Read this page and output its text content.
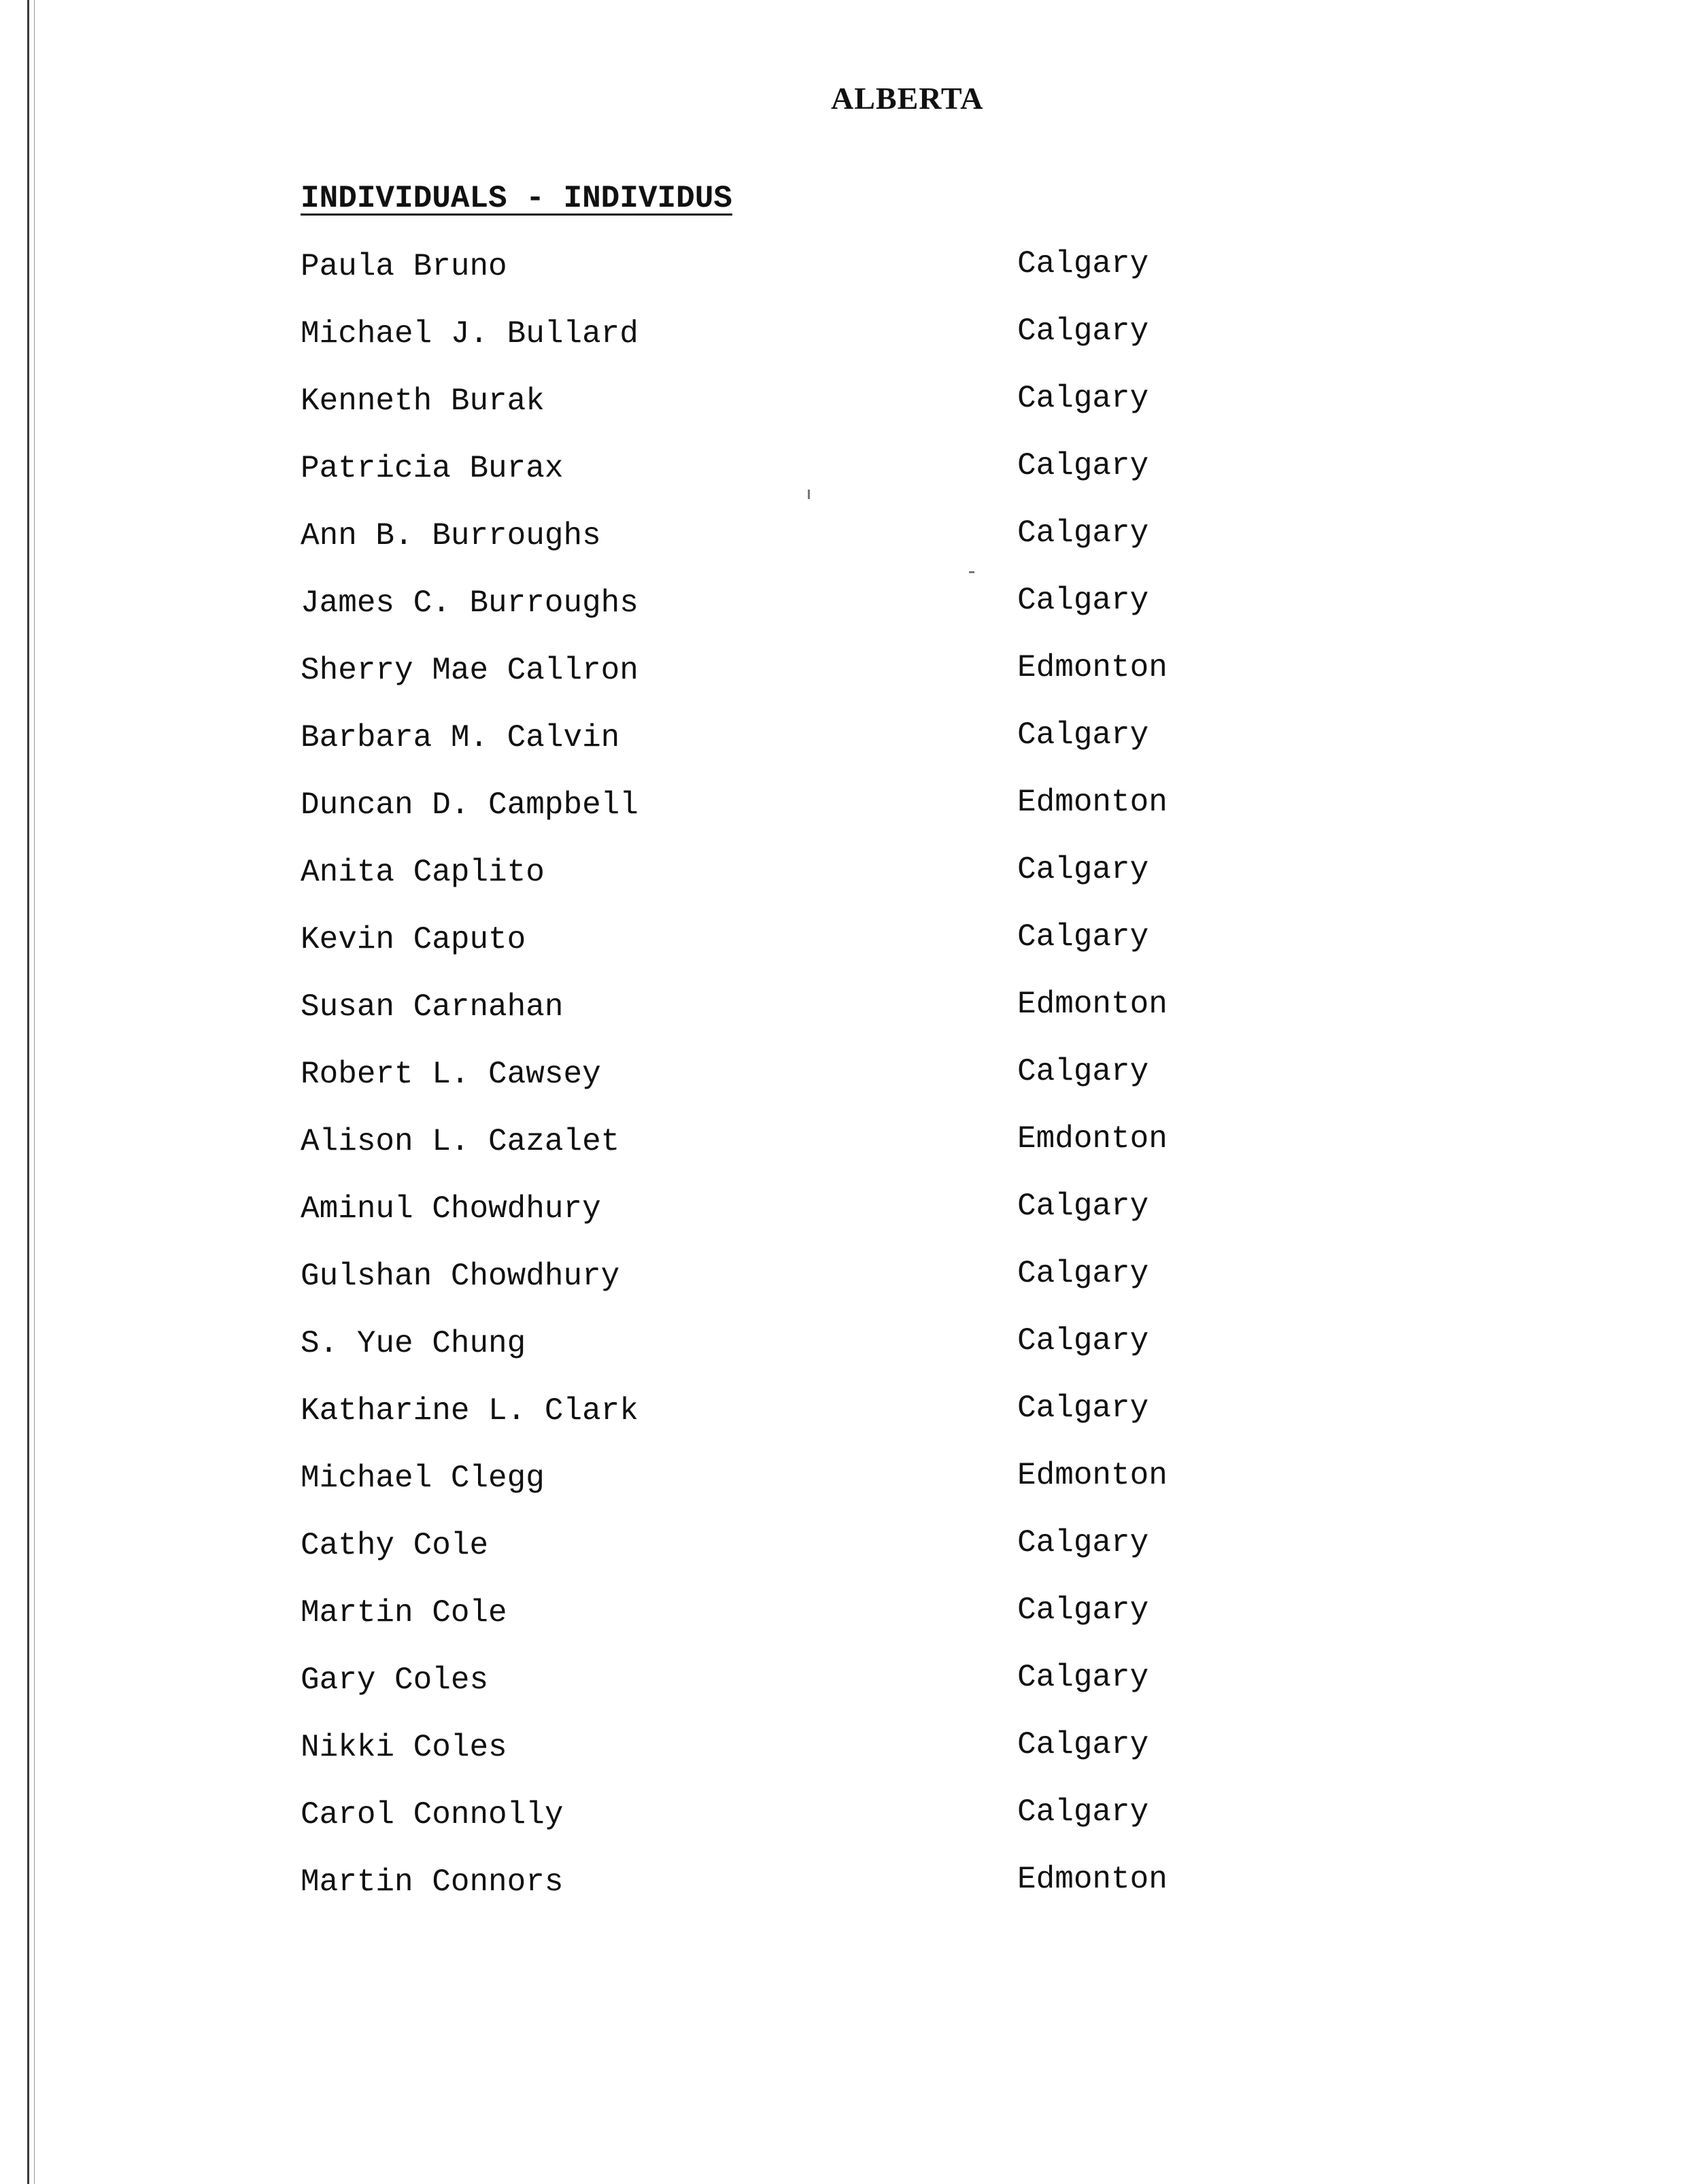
ALBERTA
INDIVIDUALS - INDIVIDUS
Paula Bruno	Calgary
Michael J. Bullard	Calgary
Kenneth Burak	Calgary
Patricia Burax	Calgary
Ann B. Burroughs	Calgary
James C. Burroughs	Calgary
Sherry Mae Callron	Edmonton
Barbara M. Calvin	Calgary
Duncan D. Campbell	Edmonton
Anita Caplito	Calgary
Kevin Caputo	Calgary
Susan Carnahan	Edmonton
Robert L. Cawsey	Calgary
Alison L. Cazalet	Emdonton
Aminul Chowdhury	Calgary
Gulshan Chowdhury	Calgary
S. Yue Chung	Calgary
Katharine L. Clark	Calgary
Michael Clegg	Edmonton
Cathy Cole	Calgary
Martin Cole	Calgary
Gary Coles	Calgary
Nikki Coles	Calgary
Carol Connolly	Calgary
Martin Connors	Edmonton
